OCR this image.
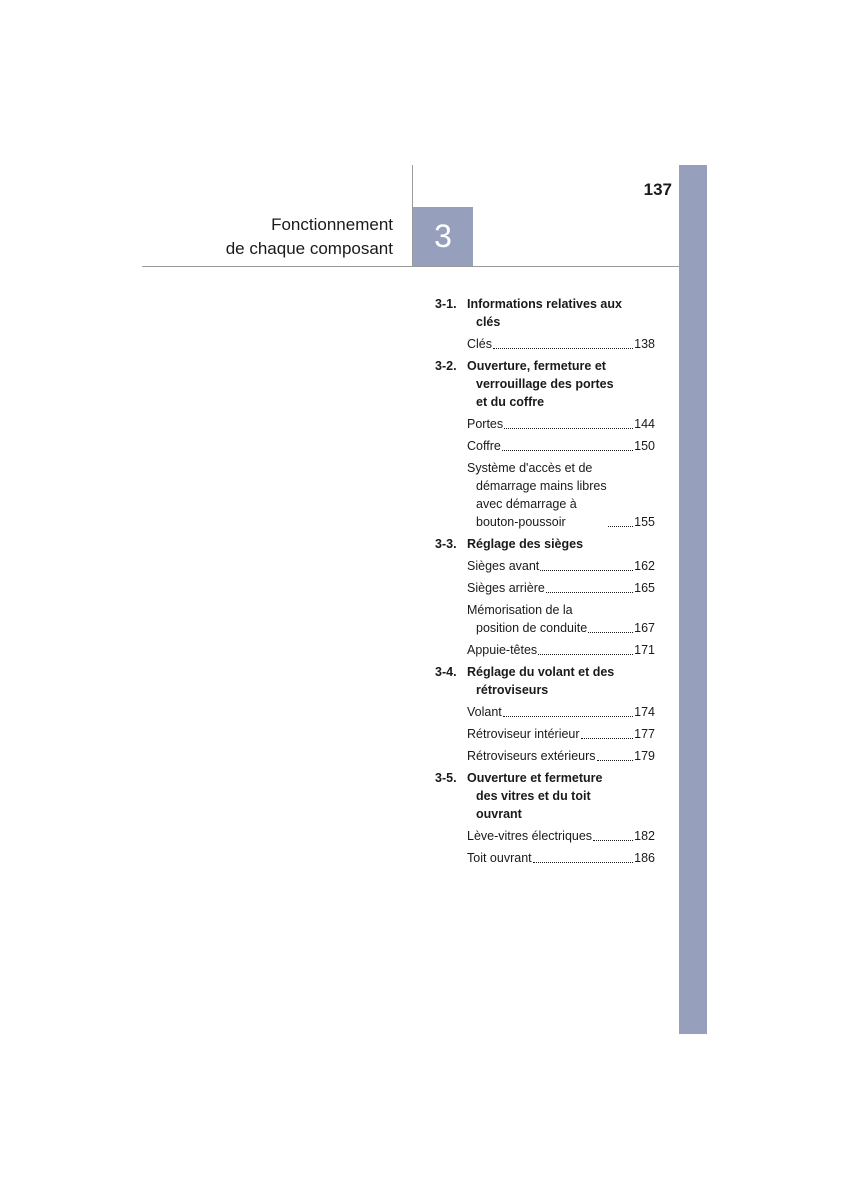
137
Fonctionnement
de chaque composant	3
3-1. Informations relatives aux
clés
Clés	138
3-2. Ouverture, fermeture et
verrouillage des portes
et du coffre
Portes	144
Coffre	150
Système d'accès et de
démarrage mains libres
avec démarrage à
bouton-poussoir	155
3-3. Réglage des sièges
Sièges avant	162
Sièges arrière	165
Mémorisation de la
position de conduite	167
Appuie-têtes	171
3-4. Réglage du volant et des
rétroviseurs
Volant	174
Rétroviseur intérieur	177
Rétroviseurs extérieurs	179
3-5. Ouverture et fermeture
des vitres et du toit
ouvrant
Lève-vitres électriques	182
Toit ouvrant	186
